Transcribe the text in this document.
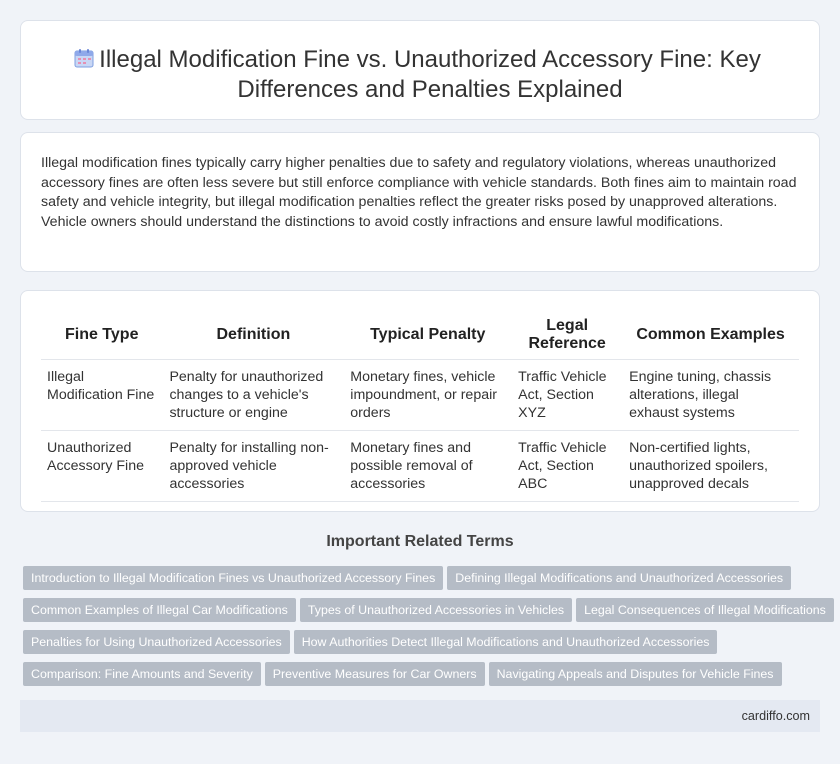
Illegal Modification Fine vs. Unauthorized Accessory Fine: Key Differences and Penalties Explained

Illegal modification fines typically carry higher penalties due to safety and regulatory violations, whereas unauthorized accessory fines are often less severe but still enforce compliance with vehicle standards. Both fines aim to maintain road safety and vehicle integrity, but illegal modification penalties reflect the greater risks posed by unapproved alterations. Vehicle owners should understand the distinctions to avoid costly infractions and ensure lawful modifications.

Fine Type	Definition	Typical Penalty	Legal Reference	Common Examples
Illegal Modification Fine	Penalty for unauthorized changes to a vehicle's structure or engine	Monetary fines, vehicle impoundment, or repair orders	Traffic Vehicle Act, Section XYZ	Engine tuning, chassis alterations, illegal exhaust systems
Unauthorized Accessory Fine	Penalty for installing non-approved vehicle accessories	Monetary fines and possible removal of accessories	Traffic Vehicle Act, Section ABC	Non-certified lights, unauthorized spoilers, unapproved decals
Important Related Terms
Introduction to Illegal Modification Fines vs Unauthorized Accessory Fines Defining Illegal Modifications and Unauthorized Accessories
Common Examples of Illegal Car Modifications Types of Unauthorized Accessories in Vehicles Legal Consequences of Illegal Modifications
Penalties for Using Unauthorized Accessories How Authorities Detect Illegal Modifications and Unauthorized Accessories
Comparison: Fine Amounts and Severity Preventive Measures for Car Owners Navigating Appeals and Disputes for Vehicle Fines
cardiffo.com
